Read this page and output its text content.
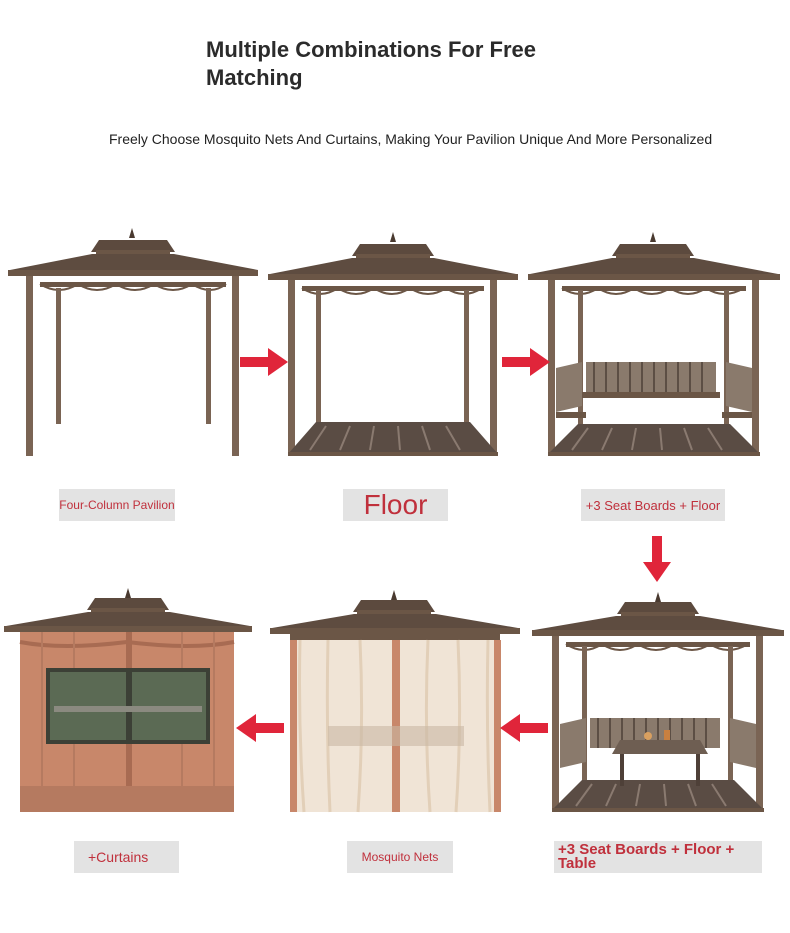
Multiple Combinations For Free Matching
Freely Choose Mosquito Nets And Curtains, Making Your Pavilion Unique And More Personalized
Four-Column Pavilion	Floor	+3 Seat Boards + Floor
+3 Seat Boards + Floor + Table
Mosquito Nets
+Curtains
